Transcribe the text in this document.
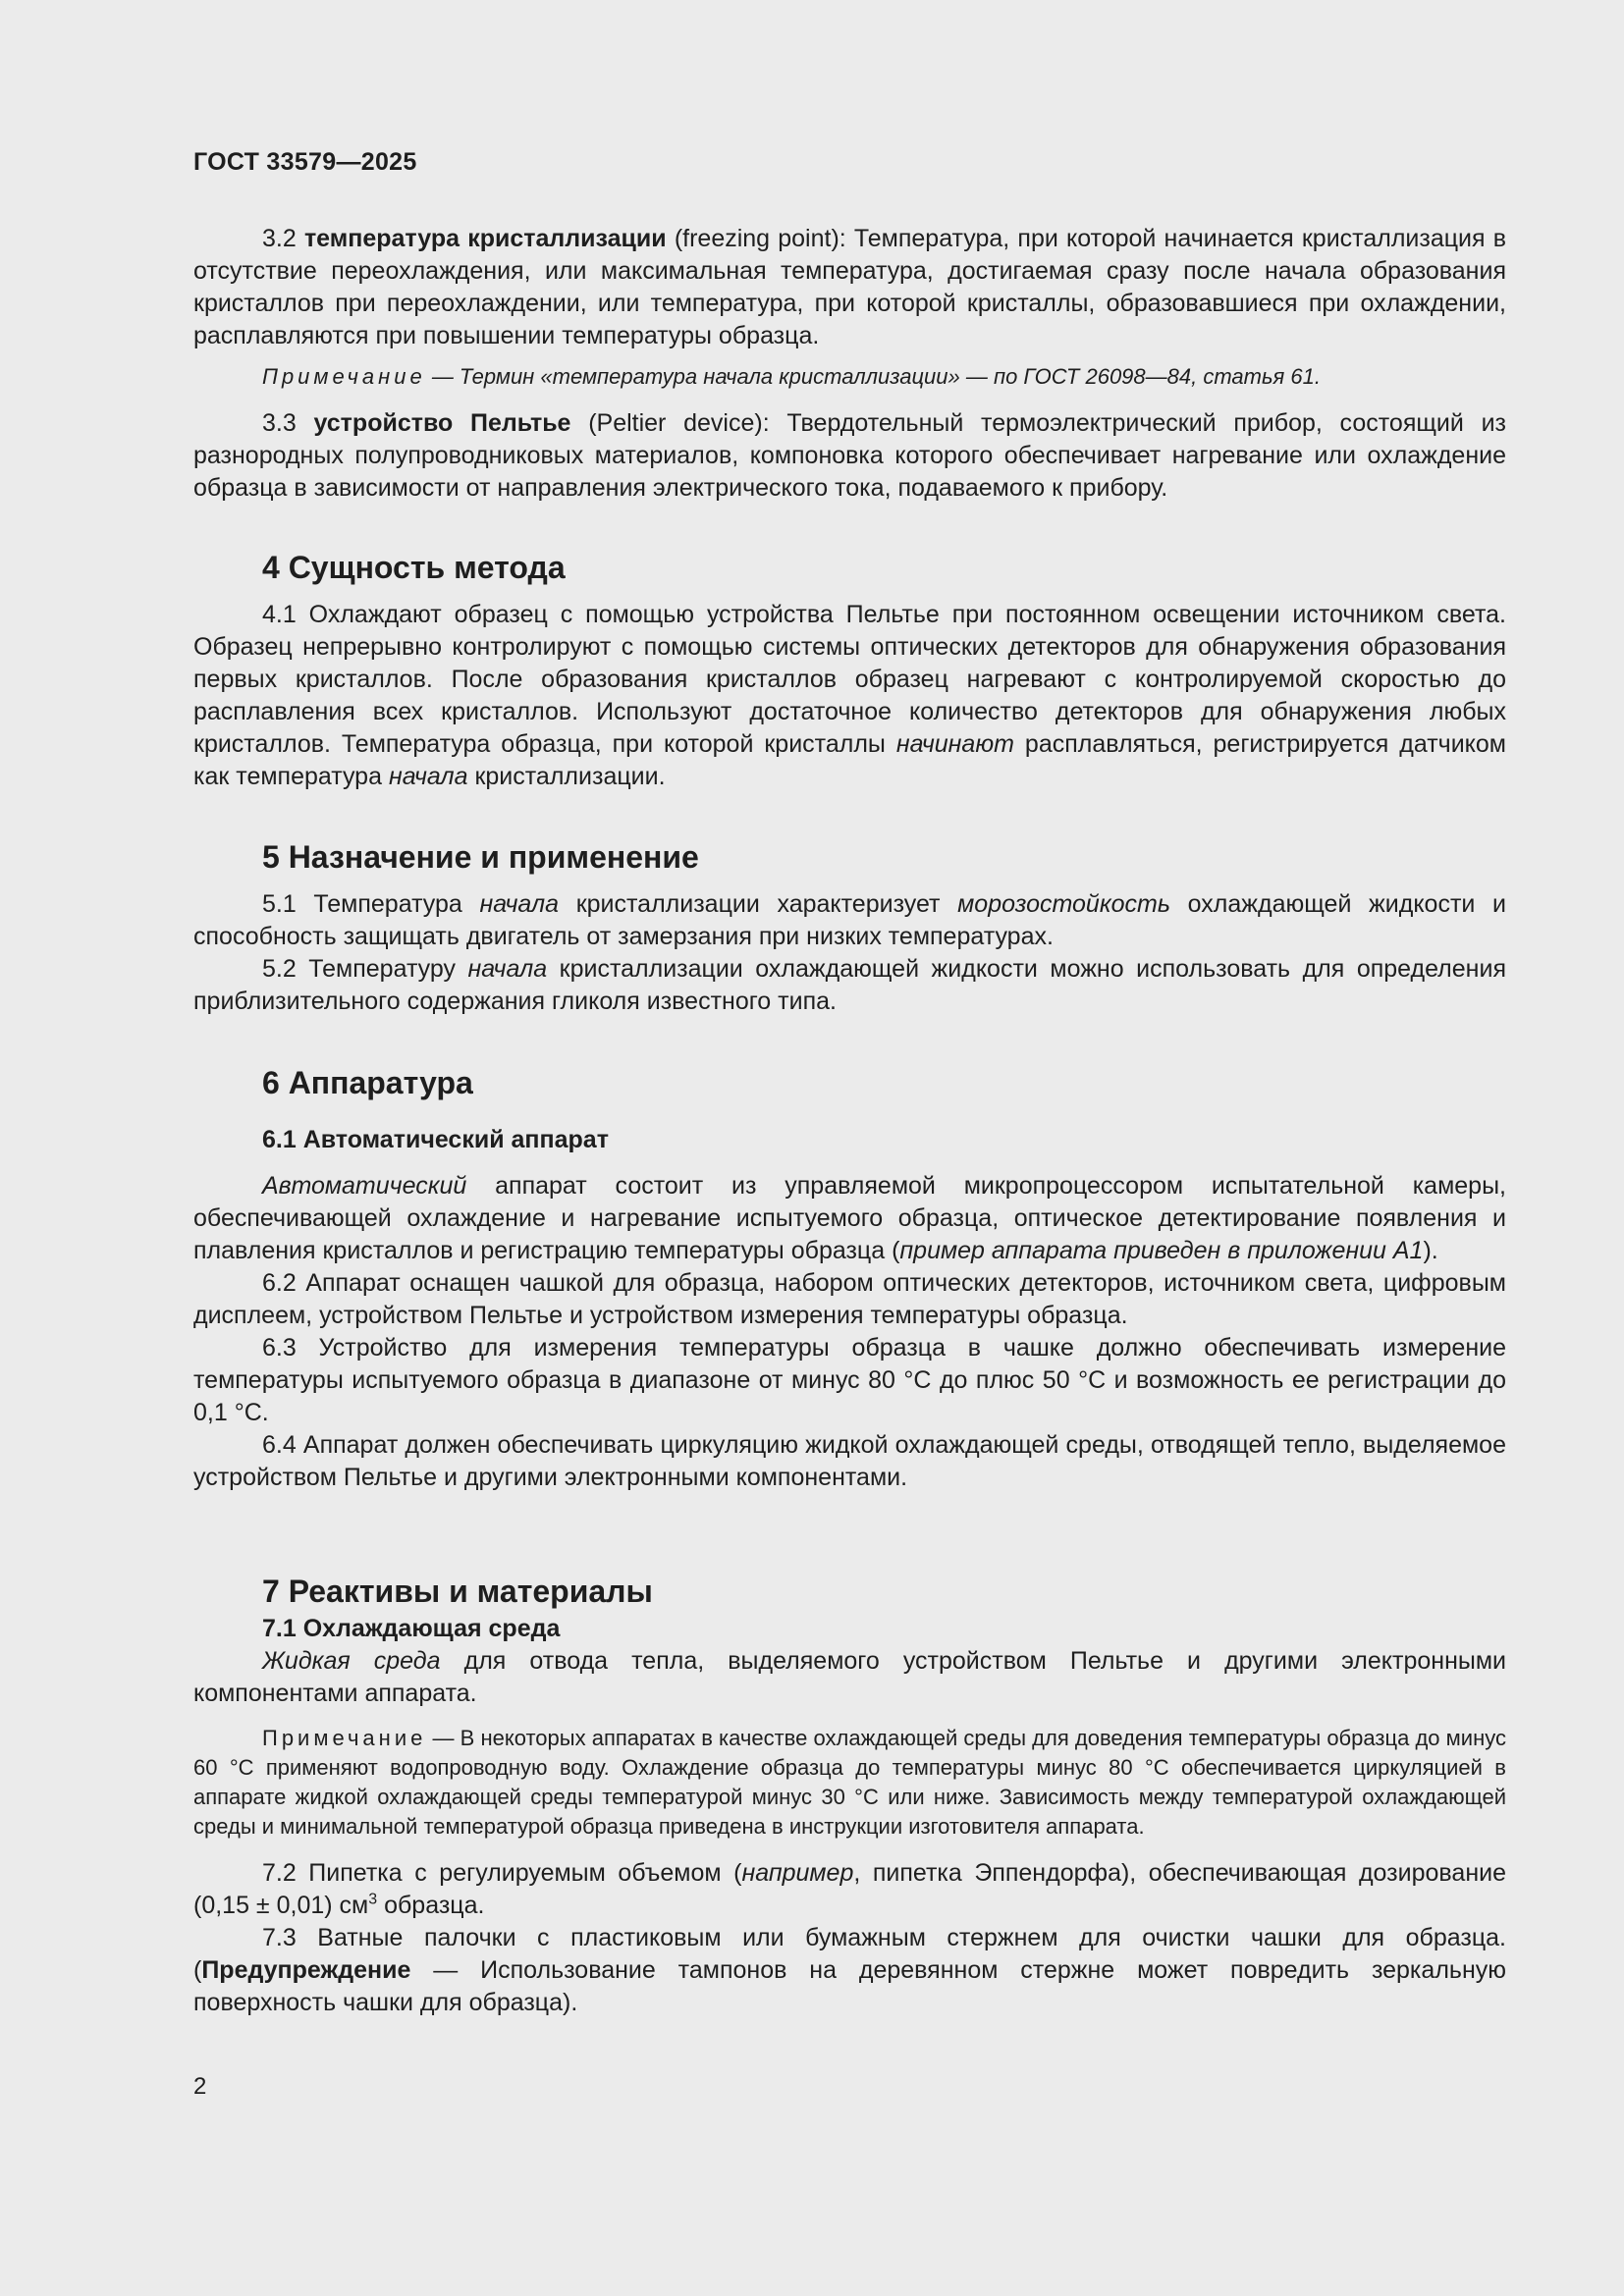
ГОСТ 33579—2025

3.2 температура кристаллизации (freezing point): Температура, при которой начинается кристаллизация в отсутствие переохлаждения, или максимальная температура, достигаемая сразу после начала образования кристаллов при переохлаждении, или температура, при которой кристаллы, образовавшиеся при охлаждении, расплавляются при повышении температуры образца.

Примечание — Термин «температура начала кристаллизации» — по ГОСТ 26098—84, статья 61.

3.3 устройство Пельтье (Peltier device): Твердотельный термоэлектрический прибор, состоящий из разнородных полупроводниковых материалов, компоновка которого обеспечивает нагревание или охлаждение образца в зависимости от направления электрического тока, подаваемого к прибору.

4 Сущность метода

4.1 Охлаждают образец с помощью устройства Пельтье при постоянном освещении источником света. Образец непрерывно контролируют с помощью системы оптических детекторов для обнаружения образования первых кристаллов. После образования кристаллов образец нагревают с контролируемой скоростью до расплавления всех кристаллов. Используют достаточное количество детекторов для обнаружения любых кристаллов. Температура образца, при которой кристаллы начинают расплавляться, регистрируется датчиком как температура начала кристаллизации.

5 Назначение и применение

5.1 Температура начала кристаллизации характеризует морозостойкость охлаждающей жидкости и способность защищать двигатель от замерзания при низких температурах.

5.2 Температуру начала кристаллизации охлаждающей жидкости можно использовать для определения приблизительного содержания гликоля известного типа.

6 Аппаратура
6.1 Автоматический аппарат

Автоматический аппарат состоит из управляемой микропроцессором испытательной камеры, обеспечивающей охлаждение и нагревание испытуемого образца, оптическое детектирование появления и плавления кристаллов и регистрацию температуры образца (пример аппарата приведен в приложении А1).

6.2 Аппарат оснащен чашкой для образца, набором оптических детекторов, источником света, цифровым дисплеем, устройством Пельтье и устройством измерения температуры образца.

6.3 Устройство для измерения температуры образца в чашке должно обеспечивать измерение температуры испытуемого образца в диапазоне от минус 80 °С до плюс 50 °С и возможность ее регистрации до 0,1 °С.

6.4 Аппарат должен обеспечивать циркуляцию жидкой охлаждающей среды, отводящей тепло, выделяемое устройством Пельтье и другими электронными компонентами.

7 Реактивы и материалы
7.1 Охлаждающая среда

Жидкая среда для отвода тепла, выделяемого устройством Пельтье и другими электронными компонентами аппарата.

Примечание — В некоторых аппаратах в качестве охлаждающей среды для доведения температуры образца до минус 60 °С применяют водопроводную воду. Охлаждение образца до температуры минус 80 °С обеспечивается циркуляцией в аппарате жидкой охлаждающей среды температурой минус 30 °С или ниже. Зависимость между температурой охлаждающей среды и минимальной температурой образца приведена в инструкции изготовителя аппарата.

7.2 Пипетка с регулируемым объемом (например, пипетка Эппендорфа), обеспечивающая дозирование (0,15 ± 0,01) $см^3$ образца.

7.3 Ватные палочки с пластиковым или бумажным стержнем для очистки чашки для образца. (Предупреждение — Использование тампонов на деревянном стержне может повредить зеркальную поверхность чашки для образца).

2
